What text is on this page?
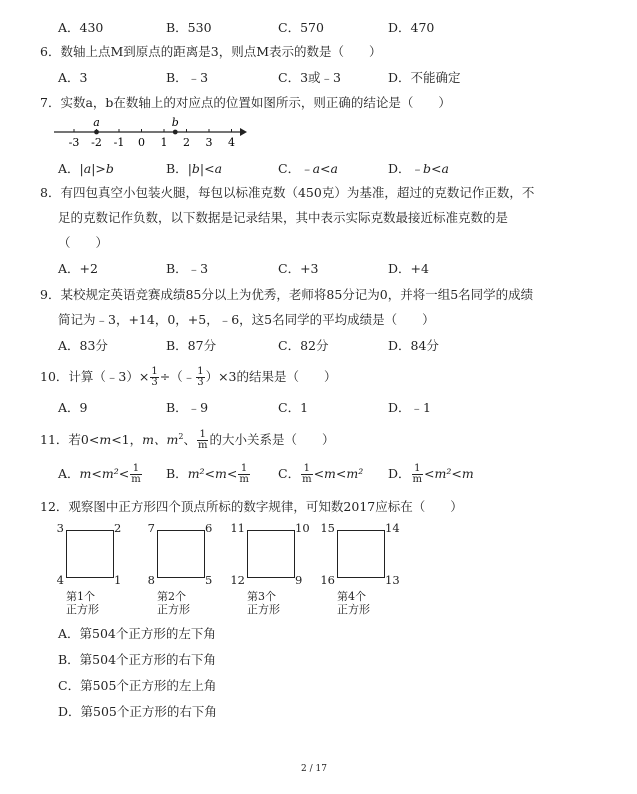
A．430	B．530	C．570	D．470
6．数轴上点M到原点的距离是3，则点M表示的数是（　　）
A．3	B．﹣3	C．3或﹣3	D．不能确定
7．实数a，b在数轴上的对应点的位置如图所示，则正确的结论是（　　）
-3 -2 -1 0 1 2 3 4
a	b
A．|a|>b	B．|b|<a	C．﹣a<a	D．﹣b<a
8．有四包真空小包装火腿，每包以标准克数（450克）为基准，超过的克数记作正数，不
足的克数记作负数，以下数据是记录结果，其中表示实际克数最接近标准克数的是
（　　）
A．+2	B．﹣3	C．+3	D．+4
9．某校规定英语竞赛成绩85分以上为优秀，老师将85分记为0，并将一组5名同学的成绩
简记为﹣3，+14，0，+5，﹣6，这5名同学的平均成绩是（　　）
A．83分	B．87分	C．82分	D．84分
10．计算（﹣3）× $\frac{1}{3}$ ÷（﹣ $\frac{1}{3} )\times 3$的结果是（　　）
A．9	B．﹣9	C．1	D．﹣1
11．若0<m<1，m、$m^2$、 $\frac{1}{m}$ 的大小关系是（　　）
A．$m<m^2< \frac{1}{m}$ B．$m^2<m< \frac{1}{m}$ C． $\frac{1}{m} <m<m^2$ D． $\frac{1}{m} <m^2<m$
12．观察图中正方形四个顶点所标的数字规律，可知数2017应标在（　　）
3	2
4	1
第1个
正方形
7	6
8	5
第2个
正方形
11	10
12	9
第3个
正方形
15	14
16	13
第4个
正方形
A．第504个正方形的左下角
B．第504个正方形的右下角
C．第505个正方形的左上角
D．第505个正方形的右下角
2 / 17
